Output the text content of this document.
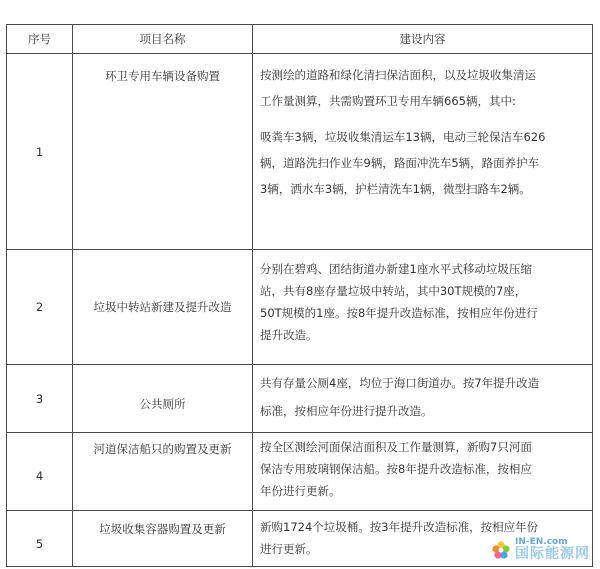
序号	项目名称	建设内容
1	环卫专用车辆设备购置	按测绘的道路和绿化清扫保洁面积，以及垃圾收集清运
工作量测算，共需购置环卫专用车辆665辆，其中:
吸粪车3辆，垃圾收集清运车13辆，电动三轮保洁车626
辆，道路洗扫作业车9辆，路面冲洗车5辆，路面养护车
3辆，洒水车3辆，护栏清洗车1辆，微型扫路车2辆。

2	垃圾中转站新建及提升改造	分别在碧鸡、团结街道办新建1座水平式移动垃圾压缩
站，共有8座存量垃圾中转站，其中30T规模的7座，
50T规模的1座。按8年提升改造标准，按相应年份进行
提升改造。

3	公共厕所	共有存量公厕4座，均位于海口街道办。按7年提升改造
标准，按相应年份进行提升改造。

4	河道保洁船只的购置及更新	按全区测绘河面保洁面积及工作量测算，新购7只河面
保洁专用玻璃钢保洁船。按8年提升改造标准，按相应
年份进行更新。

5	垃圾收集容器购置及更新	新购1724个垃圾桶。按3年提升改造标准，按相应年份
进行更新。	IN-EN.com
国际能源网
